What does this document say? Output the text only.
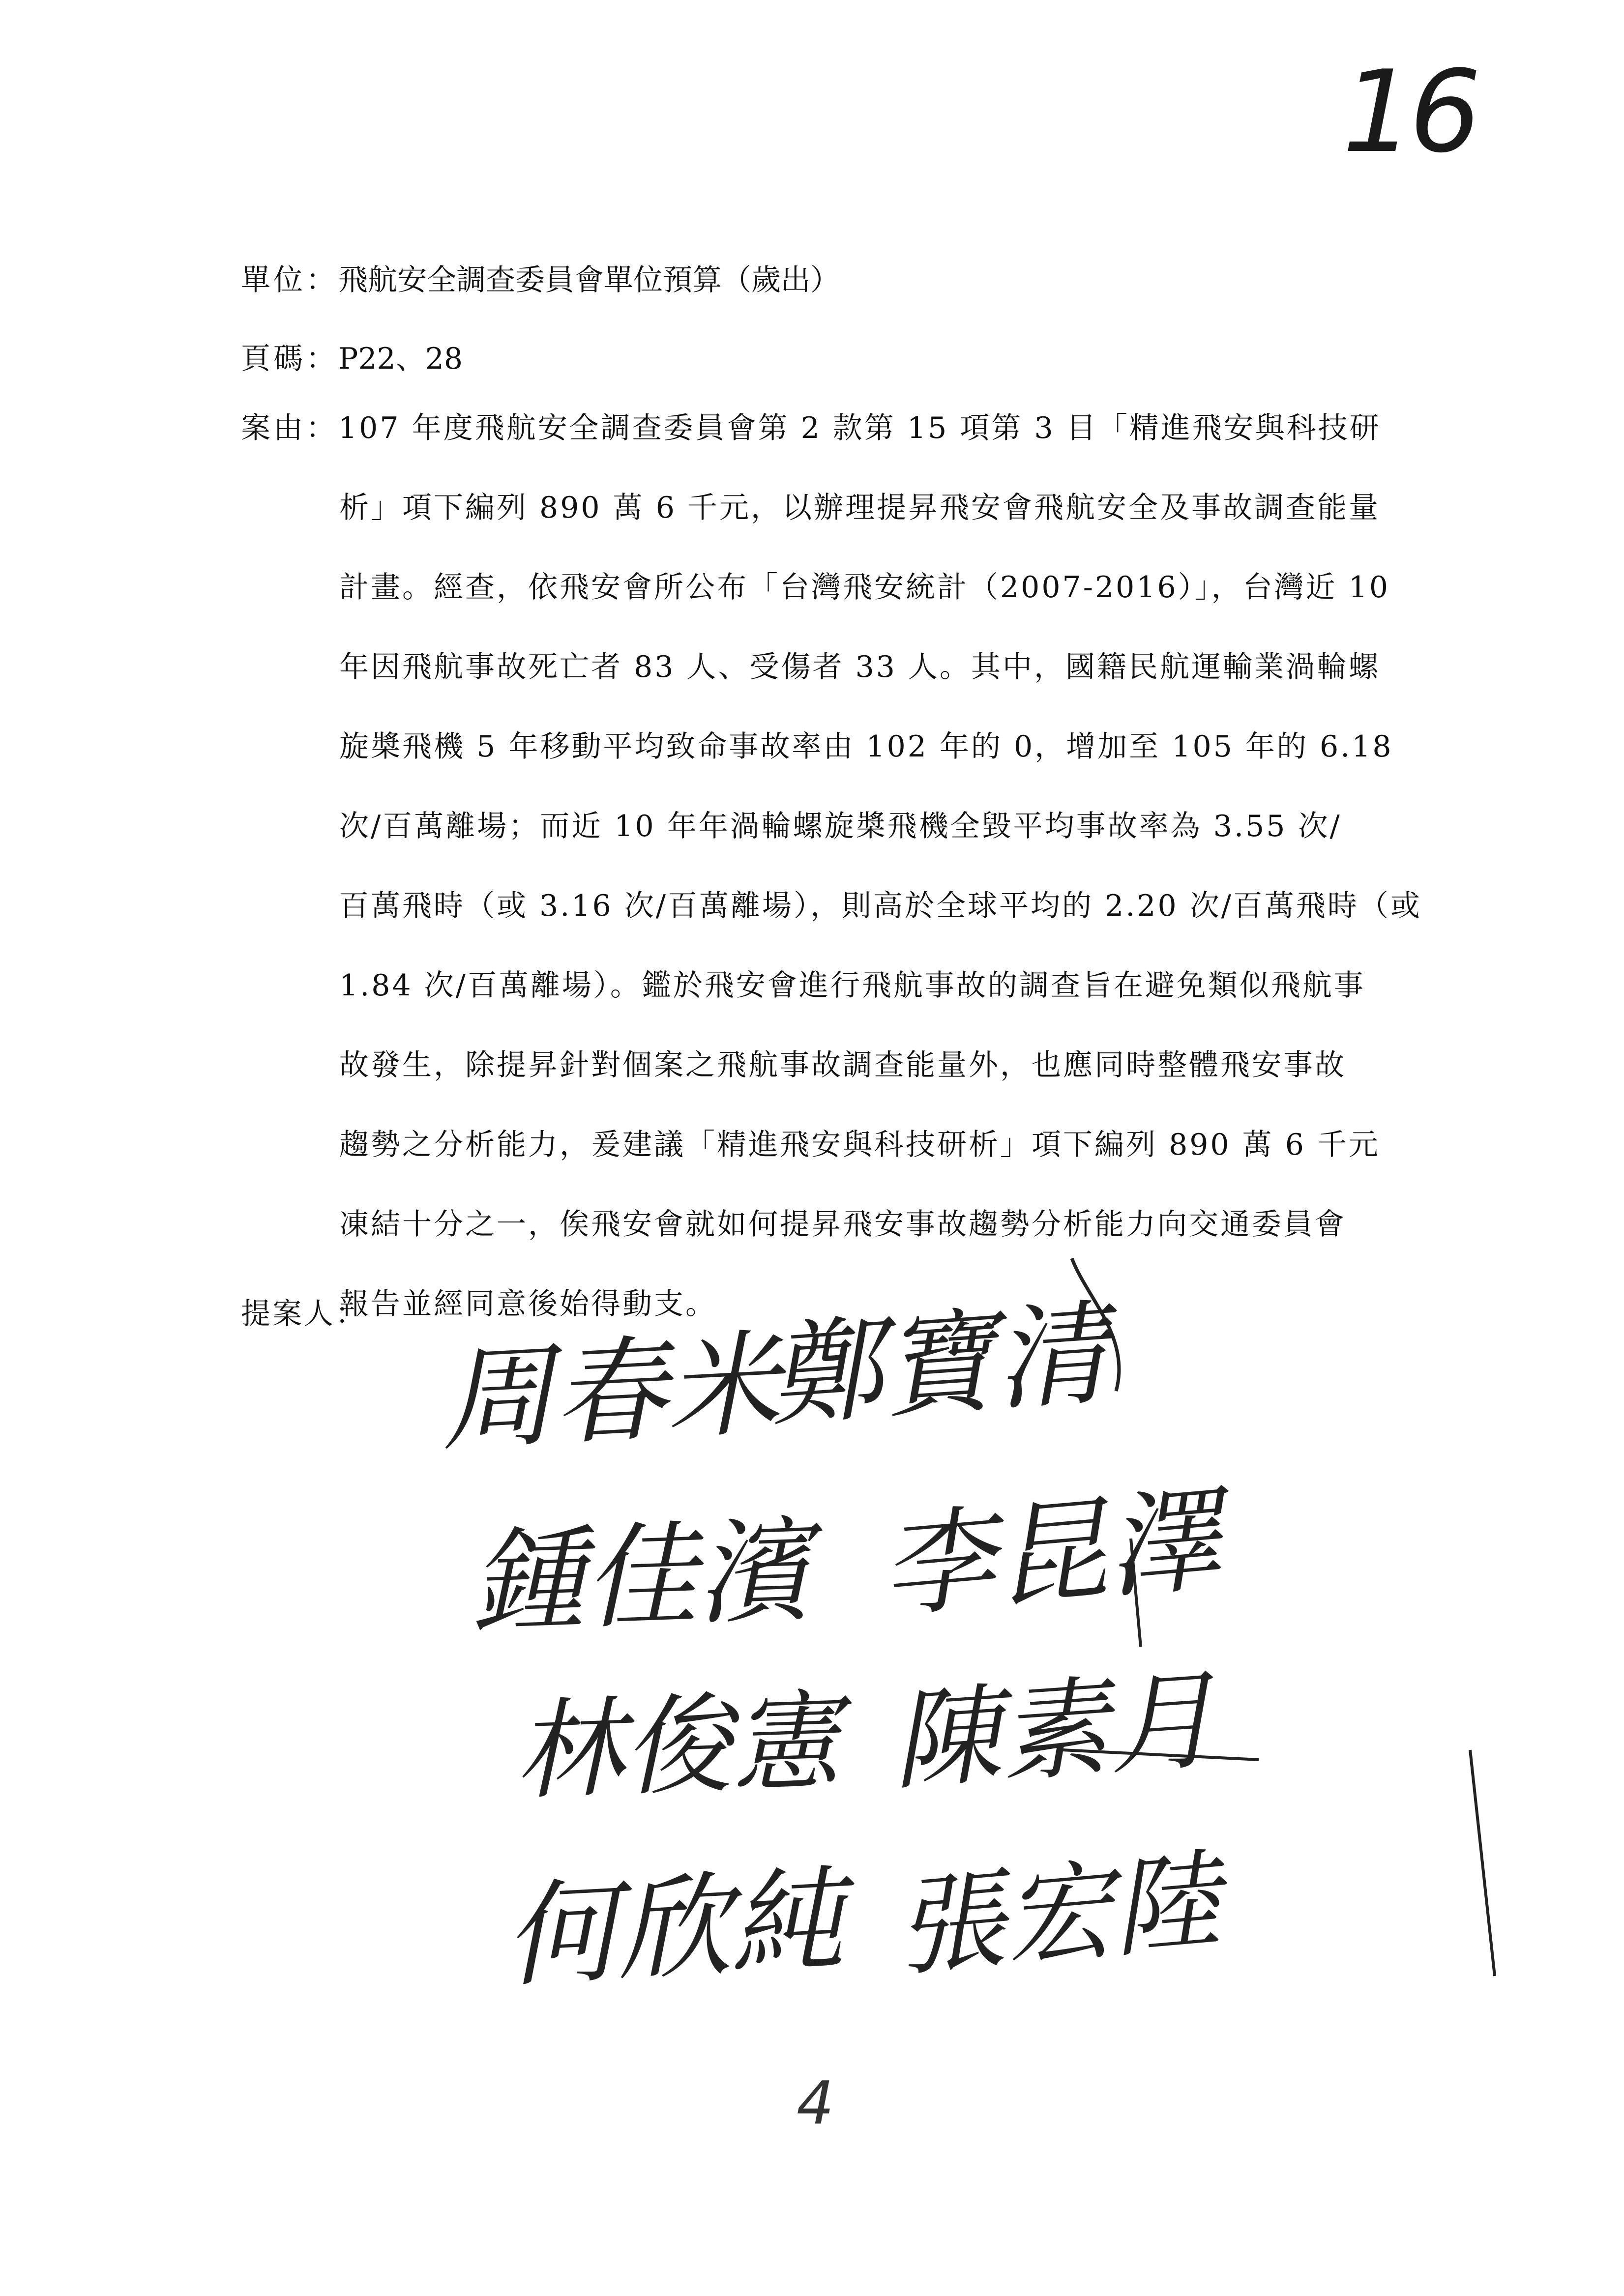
16
單位：飛航安全調查委員會單位預算（歲出）
頁碼：P22、28
案由：107 年度飛航安全調查委員會第 2 款第 15 項第 3 目「精進飛安與科技研
析」項下編列 890 萬 6 千元，以辦理提昇飛安會飛航安全及事故調查能量
計畫。經查，依飛安會所公布「台灣飛安統計（2007-2016）」，台灣近 10
年因飛航事故死亡者 83 人、受傷者 33 人。其中，國籍民航運輸業渦輪螺
旋槳飛機 5 年移動平均致命事故率由 102 年的 0，增加至 105 年的 6.18
次/百萬離場；而近 10 年年渦輪螺旋槳飛機全毀平均事故率為 3.55 次/
百萬飛時（或 3.16 次/百萬離場），則高於全球平均的 2.20 次/百萬飛時（或
1.84 次/百萬離場）。鑑於飛安會進行飛航事故的調查旨在避免類似飛航事
故發生，除提昇針對個案之飛航事故調查能量外，也應同時整體飛安事故
趨勢之分析能力，爰建議「精進飛安與科技研析」項下編列 890 萬 6 千元
凍結十分之一，俟飛安會就如何提昇飛安事故趨勢分析能力向交通委員會
報告並經同意後始得動支。
提案人：
周春米
鄭寶清
鍾佳濱 李昆澤
林俊憲 陳素月
何欣純 張宏陸
4
